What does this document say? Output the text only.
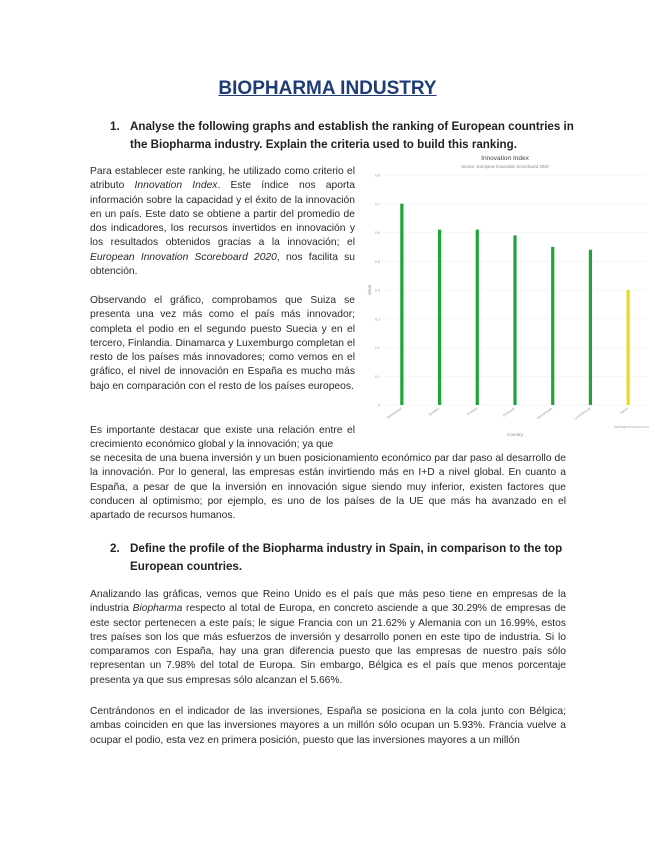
BIOPHARMA INDUSTRY
1. Analyse the following graphs and establish the ranking of European countries in
the Biopharma industry. Explain the criteria used to build this ranking.

Para establecer este ranking, he utilizado como criterio el atributo Innovation Index. Este índice nos aporta información sobre la capacidad y el éxito de la innovación en un país. Este dato se obtiene a partir del promedio de dos indicadores, los recursos invertidos en innovación y los resultados obtenidos gracias a la innovación; el European Innovation Scoreboard 2020, nos facilita su obtención.

Observando el gráfico, comprobamos que Suiza se presenta una vez más como el país más innovador; completa el podio en el segundo puesto Suecia y en el tercero, Finlandia. Dinamarca y Luxemburgo completan el resto de los países más innovadores; como vemos en el gráfico, el nivel de innovación en España es mucho más bajo en comparación con el resto de los países europeos.

Es importante destacar que existe una relación entre el crecimiento económico global y la innovación; ya que

se necesita de una buena inversión y un buen posicionamiento económico par dar paso al desarrollo de la innovación. Por lo general, las empresas están invirtiendo más en I+D a nivel global. En cuanto a España, a pesar de que la inversión en innovación sigue siendo muy inferior, existen factores que conducen al optimismo; por ejemplo, es uno de los países de la UE que más ha avanzado en el apartado de recursos humanos.

2. Define the profile of the Biopharma industry in Spain, in comparison to the top
European countries.

Analizando las gráficas, vemos que Reino Unido es el país que más peso tiene en empresas de la industria Biopharma respecto al total de Europa, en concreto asciende a que 30.29% de empresas de este sector pertenecen a este país; le sigue Francia con un 21.62% y Alemania con un 16.99%, estos tres países son los que más esfuerzos de inversión y desarrollo ponen en este tipo de industria. Si lo comparamos con España, hay una gran diferencia puesto que las empresas de nuestro país sólo representan un 7.98% del total de Europa. Sin embargo, Bélgica es el país que menos porcentaje presenta ya que sus empresas sólo alcanzan el 5.66%.

Centrándonos en el indicador de las inversiones, España se posiciona en la cola junto con Bélgica; ambas coinciden en que las inversiones mayores a un millón sólo ocupan un 5.93%. Francia vuelve a ocupar el podio, esta vez en primera posición, puesto que las inversiones mayores a un millón

Innovation Index
Source: European Innovation Scoreboard 2020
0.8
0.7
0.6
0.5
0.4
0.3
0.2
0.1
0
Value
Switzerland	Sweden	Finland	Denmark	Netherlands	Luxembourg	Spain
Country
tradingeconomics.com
